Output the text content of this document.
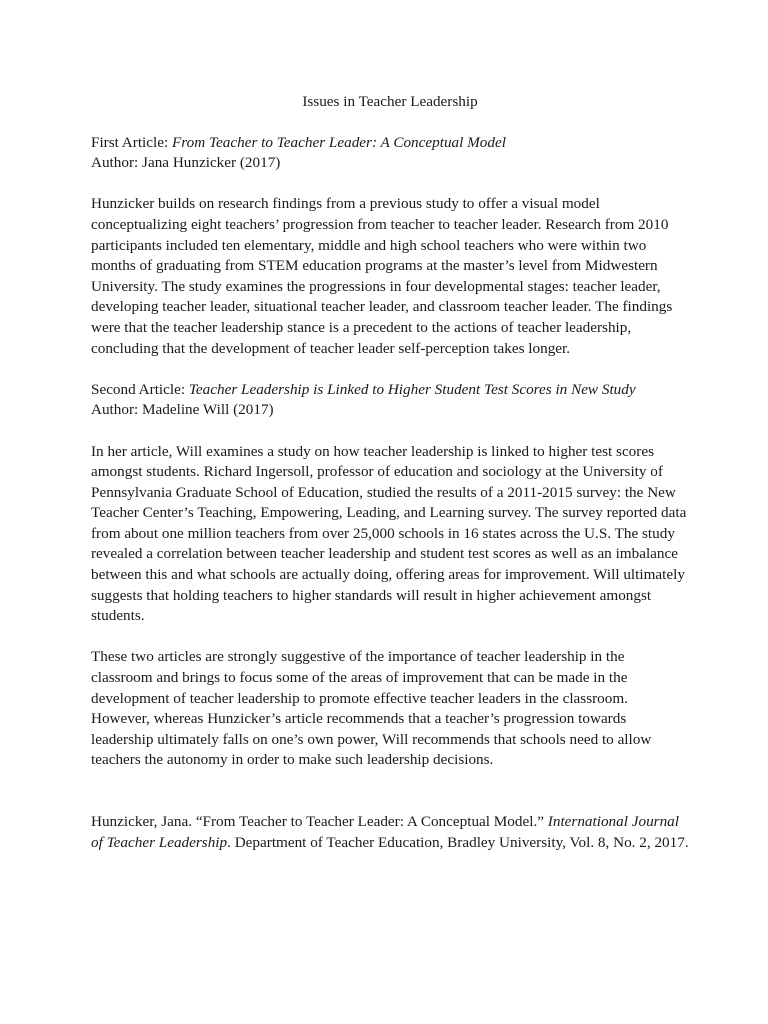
Issues in Teacher Leadership

First Article: From Teacher to Teacher Leader: A Conceptual Model

Author: Jana Hunzicker (2017)

Hunzicker builds on research findings from a previous study to offer a visual model conceptualizing eight teachers’ progression from teacher to teacher leader. Research from 2010 participants included ten elementary, middle and high school teachers who were within two months of graduating from STEM education programs at the master’s level from Midwestern University. The study examines the progressions in four developmental stages: teacher leader, developing teacher leader, situational teacher leader, and classroom teacher leader. The findings were that the teacher leadership stance is a precedent to the actions of teacher leadership, concluding that the development of teacher leader self-perception takes longer.

Second Article: Teacher Leadership is Linked to Higher Student Test Scores in New Study

Author: Madeline Will (2017)

In her article, Will examines a study on how teacher leadership is linked to higher test scores amongst students. Richard Ingersoll, professor of education and sociology at the University of Pennsylvania Graduate School of Education, studied the results of a 2011-2015 survey: the New Teacher Center’s Teaching, Empowering, Leading, and Learning survey. The survey reported data from about one million teachers from over 25,000 schools in 16 states across the U.S. The study revealed a correlation between teacher leadership and student test scores as well as an imbalance between this and what schools are actually doing, offering areas for improvement. Will ultimately suggests that holding teachers to higher standards will result in higher achievement amongst students.

These two articles are strongly suggestive of the importance of teacher leadership in the classroom and brings to focus some of the areas of improvement that can be made in the development of teacher leadership to promote effective teacher leaders in the classroom. However, whereas Hunzicker’s article recommends that a teacher’s progression towards leadership ultimately falls on one’s own power, Will recommends that schools need to allow teachers the autonomy in order to make such leadership decisions.

Hunzicker, Jana. “From Teacher to Teacher Leader: A Conceptual Model.” International Journal of Teacher Leadership. Department of Teacher Education, Bradley University, Vol. 8, No. 2, 2017.
